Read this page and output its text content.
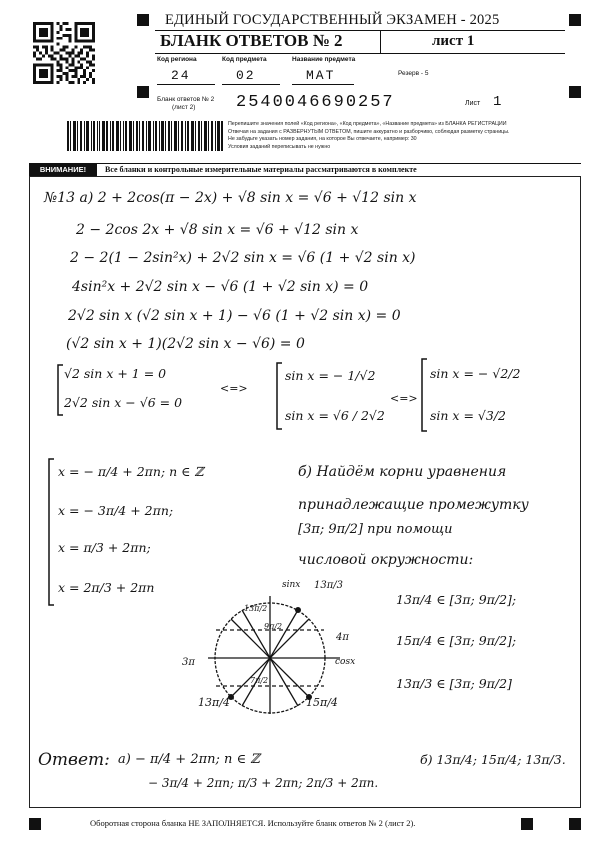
ЕДИНЫЙ ГОСУДАРСТВЕННЫЙ ЭКЗАМЕН - 2025
БЛАНК ОТВЕТОВ № 2	лист 1
Код региона	Код предмета	Название предмета
24	02	МАТ	Резерв - 5
Бланк ответов № 2
(лист 2) 2540046690257	Лист 1
Перепишите значения полей «Код региона», «Код предмета», «Название предмета» из БЛАНКА РЕГИСТРАЦИИ
Отвечая на задания с РАЗВЕРНУТЫМ ОТВЕТОМ, пишите аккуратно и разборчиво, соблюдая разметку страницы.
Не забудьте указать номер задания, на которое Вы отвечаете, например: 30
Условия заданий переписывать не нужно
ВНИМАНИЕ!	Все бланки и контрольные измерительные материалы рассматриваются в комплекте
№13 а) 2 + 2cos(π − 2x) + √8 sin x = √6 + √12 sin x
2 − 2cos 2x + √8 sin x = √6 + √12 sin x
2 − 2(1 − 2sin²x) + 2√2 sin x = √6 (1 + √2 sin x)
4sin²x + 2√2 sin x − √6 (1 + √2 sin x) = 0
2√2 sin x (√2 sin x + 1) − √6 (1 + √2 sin x) = 0
(√2 sin x + 1)(2√2 sin x − √6) = 0
√2 sin x + 1 = 0
2√2 sin x − √6 = 0
<=>
sin x = − 1/√2
sin x = √6 / 2√2
<=>
sin x = − √2/2
sin x = √3/2
x = − π/4 + 2πn; n ∈ ℤ
x = − 3π/4 + 2πn;
x = π/3 + 2πn;
x = 2π/3 + 2πn
б) Найдём корни уравнения
принадлежащие промежутку
[3π; 9π/2] при помощи
числовой окружности:
sinx
cosx
13π/3
4π
3π
13π/4	15π/4
13π/2
9π/2
7π/2
13π/4 ∈ [3π; 9π/2];
15π/4 ∈ [3π; 9π/2];
13π/3 ∈ [3π; 9π/2]
Ответ: а) − π/4 + 2πn; n ∈ ℤ
− 3π/4 + 2πn; π/3 + 2πn; 2π/3 + 2πn.
б) 13π/4; 15π/4; 13π/3.
Оборотная сторона бланка НЕ ЗАПОЛНЯЕТСЯ. Используйте бланк ответов № 2 (лист 2).
